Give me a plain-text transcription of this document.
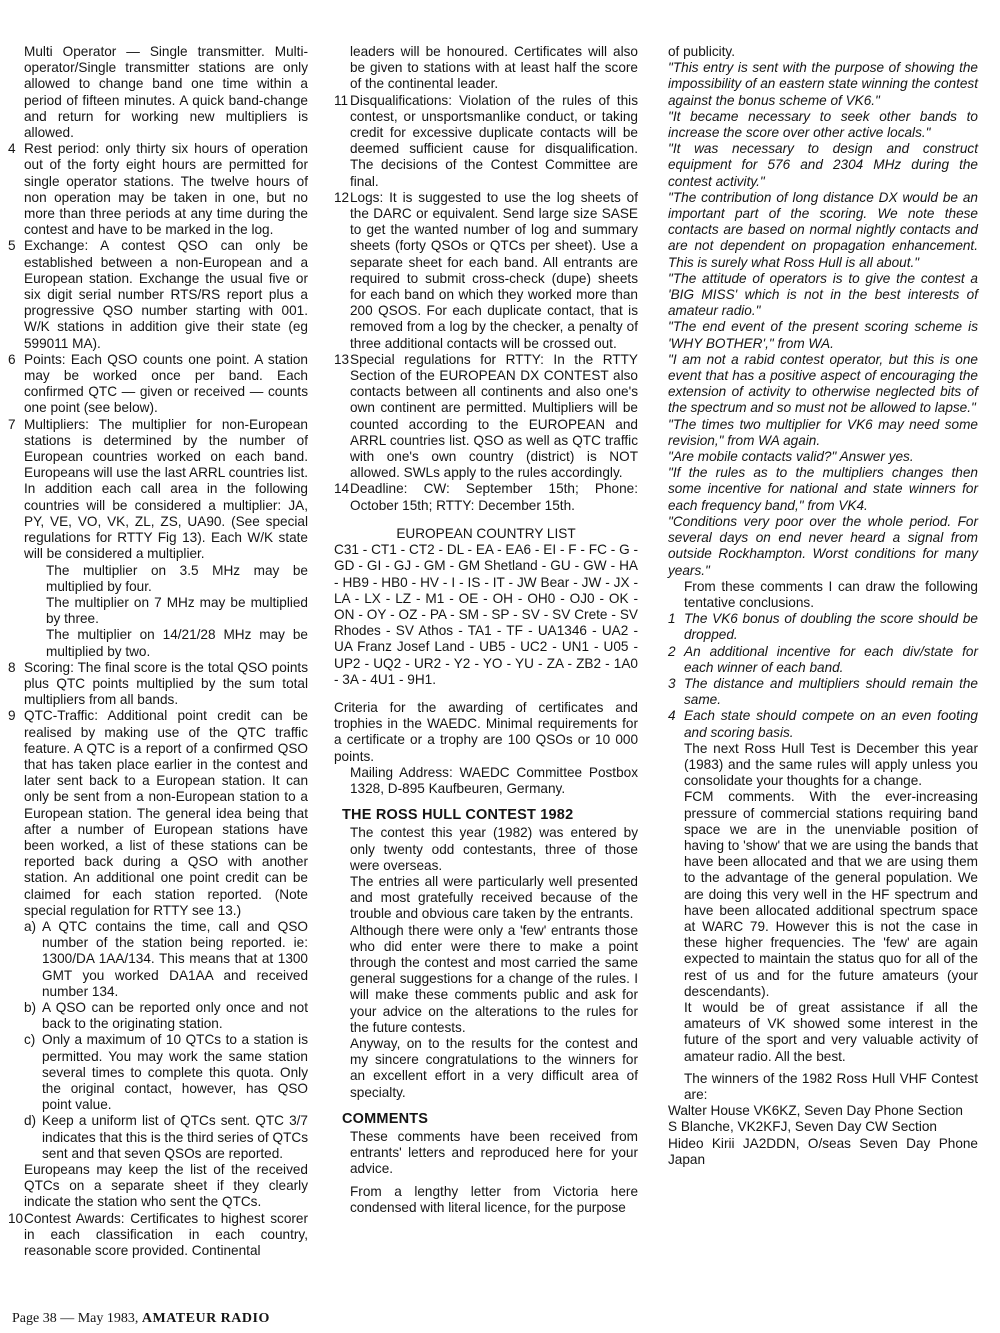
Multi Operator — Single transmitter. Multi-operator/Single transmitter stations are only allowed to change band one time within a period of fifteen minutes. A quick band-change and return for working new multipliers is allowed.

4 Rest period: only thirty six hours of operation out of the forty eight hours are permitted for single operator stations. The twelve hours of non operation may be taken in one, but no more than three periods at any time during the contest and have to be marked in the log.

5 Exchange: A contest QSO can only be established between a non-European and a European station. Exchange the usual five or six digit serial number RTS/RS report plus a progressive QSO number starting with 001. W/K stations in addition give their state (eg 599011 MA).

6 Points: Each QSO counts one point. A station may be worked once per band. Each confirmed QTC — given or received — counts one point (see below).

7 Multipliers: The multiplier for non-European stations is determined by the number of European countries worked on each band. Europeans will use the last ARRL countries list. In addition each call area in the following countries will be considered a multiplier: JA, PY, VE, VO, VK, ZL, ZS, UA90. (See special regulations for RTTY Fig 13). Each W/K state will be considered a multiplier.

The multiplier on 3.5 MHz may be multiplied by four.

The multiplier on 7 MHz may be multiplied by three.

The multiplier on 14/21/28 MHz may be multiplied by two.

8 Scoring: The final score is the total QSO points plus QTC points multiplied by the sum total multipliers from all bands.

9 QTC-Traffic: Additional point credit can be realised by making use of the QTC traffic feature. A QTC is a report of a confirmed QSO that has taken place earlier in the contest and later sent back to a European station. It can only be sent from a non-European station to a European station. The general idea being that after a number of European stations have been worked, a list of these stations can be reported back during a QSO with another station. An additional one point credit can be claimed for each station reported. (Note special regulation for RTTY see 13.)

a) A QTC contains the time, call and QSO number of the station being reported. ie: 1300/DA 1AA/134. This means that at 1300 GMT you worked DA1AA and received number 134.

b) A QSO can be reported only once and not back to the originating station.

c) Only a maximum of 10 QTCs to a station is permitted. You may work the same station several times to complete this quota. Only the original contact, however, has QSO point value.

d) Keep a uniform list of QTCs sent. QTC 3/7 indicates that this is the third series of QTCs sent and that seven QSOs are reported.

Europeans may keep the list of the received QTCs on a separate sheet if they clearly indicate the station who sent the QTCs.

10 Contest Awards: Certificates to highest scorer in each classification in each country, reasonable score provided. Continental

leaders will be honoured. Certificates will also be given to stations with at least half the score of the continental leader.

11 Disqualifications: Violation of the rules of this contest, or unsportsmanlike conduct, or taking credit for excessive duplicate contacts will be deemed sufficient cause for disqualification. The decisions of the Contest Committee are final.

12 Logs: It is suggested to use the log sheets of the DARC or equivalent. Send large size SASE to get the wanted number of log and summary sheets (forty QSOs or QTCs per sheet). Use a separate sheet for each band. All entrants are required to submit cross-check (dupe) sheets for each band on which they worked more than 200 QSOS. For each duplicate contact, that is removed from a log by the checker, a penalty of three additional contacts will be crossed out.

13 Special regulations for RTTY: In the RTTY Section of the EUROPEAN DX CONTEST also contacts between all continents and also one's own continent are permitted. Multipliers will be counted according to the EUROPEAN and ARRL countries list. QSO as well as QTC traffic with one's own country (district) is NOT allowed. SWLs apply to the rules accordingly.

14 Deadline: CW: September 15th; Phone: October 15th; RTTY: December 15th.

EUROPEAN COUNTRY LIST

C31 - CT1 - CT2 - DL - EA - EA6 - EI - F - FC - G - GD - GI - GJ - GM - GM Shetland - GU - GW - HA - HB9 - HB0 - HV - I - IS - IT - JW Bear - JW - JX - LA - LX - LZ - M1 - OE - OH - OH0 - OJ0 - OK - ON - OY - OZ - PA - SM - SP - SV - SV Crete - SV Rhodes - SV Athos - TA1 - TF - UA1346 - UA2 - UA Franz Josef Land - UB5 - UC2 - UN1 - U05 - UP2 - UQ2 - UR2 - Y2 - YO - YU - ZA - ZB2 - 1A0 - 3A - 4U1 - 9H1.

Criteria for the awarding of certificates and trophies in the WAEDC. Minimal requirements for a certificate or a trophy are 100 QSOs or 10 000 points.

Mailing Address: WAEDC Committee Postbox 1328, D-895 Kaufbeuren, Germany.

THE ROSS HULL CONTEST 1982

The contest this year (1982) was entered by only twenty odd contestants, three of those were overseas.

The entries all were particularly well presented and most gratefully received because of the trouble and obvious care taken by the entrants.

Although there were only a 'few' entrants those who did enter were there to make a point through the contest and most carried the same general suggestions for a change of the rules. I will make these comments public and ask for your advice on the alterations to the rules for the future contests.

Anyway, on to the results for the contest and my sincere congratulations to the winners for an excellent effort in a very difficult area of specialty.

COMMENTS

These comments have been received from entrants' letters and reproduced here for your advice.

From a lengthy letter from Victoria here condensed with literal licence, for the purpose

of publicity.

"This entry is sent with the purpose of showing the impossibility of an eastern state winning the contest against the bonus scheme of VK6."

"It became necessary to seek other bands to increase the score over other active locals."

"It was necessary to design and construct equipment for 576 and 2304 MHz during the contest activity."

"The contribution of long distance DX would be an important part of the scoring. We note these contacts are based on normal nightly contacts and are not dependent on propagation enhancement. This is surely what Ross Hull is all about."

"The attitude of operators is to give the contest a 'BIG MISS' which is not in the best interests of amateur radio."

"The end event of the present scoring scheme is 'WHY BOTHER'," from WA.

"I am not a rabid contest operator, but this is one event that has a positive aspect of encouraging the extension of activity to otherwise neglected bits of the spectrum and so must not be allowed to lapse."

"The times two multiplier for VK6 may need some revision," from WA again.

"Are mobile contacts valid?" Answer yes.

"If the rules as to the multipliers changes then some incentive for national and state winners for each frequency band," from VK4.

"Conditions very poor over the whole period. For several days on end never heard a signal from outside Rockhampton. Worst conditions for many years."

From these comments I can draw the following tentative conclusions.

1 The VK6 bonus of doubling the score should be dropped.

2 An additional incentive for each div/state for each winner of each band.

3 The distance and multipliers should remain the same.

4 Each state should compete on an even footing and scoring basis.

The next Ross Hull Test is December this year (1983) and the same rules will apply unless you consolidate your thoughts for a change.

FCM comments. With the ever-increasing pressure of commercial stations requiring band space we are in the unenviable position of having to 'show' that we are using the bands that have been allocated and that we are using them to the advantage of the general population. We are doing this very well in the HF spectrum and have been allocated additional spectrum space at WARC 79. However this is not the case in these higher frequencies. The 'few' are again expected to maintain the status quo for all of the rest of us and for the future amateurs (your descendants).

It would be of great assistance if all the amateurs of VK showed some interest in the future of the sport and very valuable activity of amateur radio. All the best.

The winners of the 1982 Ross Hull VHF Contest are:

Walter House VK6KZ, Seven Day Phone Section

S Blanche, VK2KFJ, Seven Day CW Section

Hideo Kirii JA2DDN, O/seas Seven Day Phone Japan

Page 38 — May 1983, AMATEUR RADIO
